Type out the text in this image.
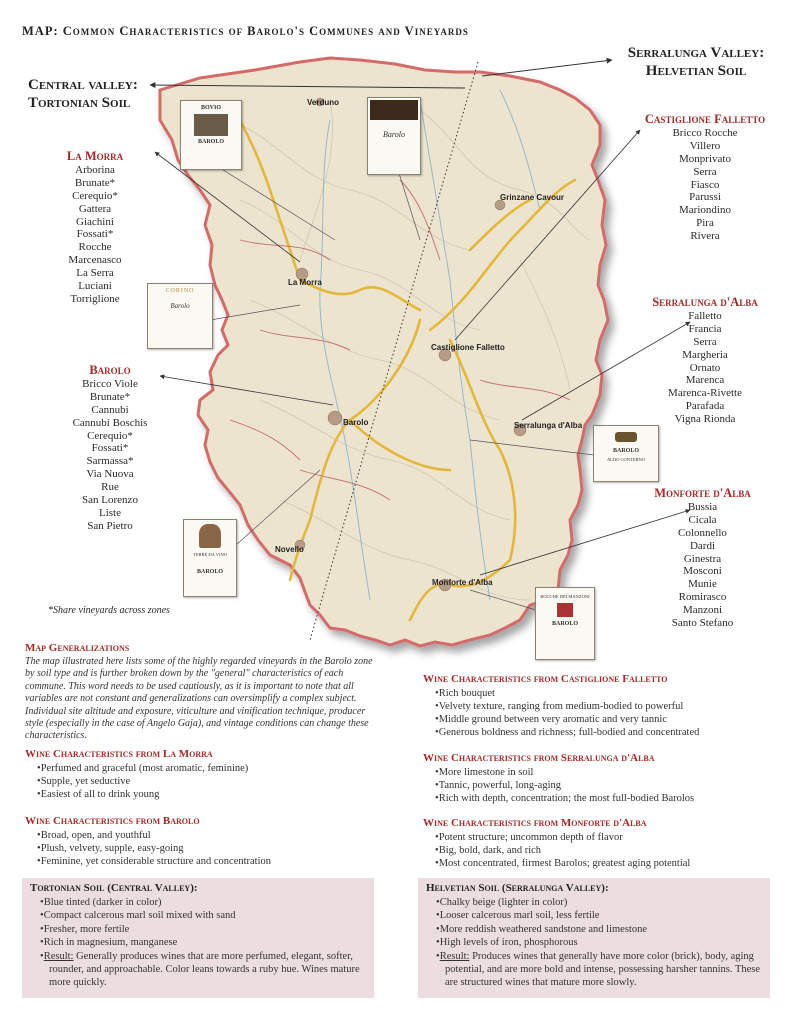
MAP: Common Characteristics of Barolo's Communes and Vineyards
Verduno
La Morra
Barolo
Castiglione Falletto
Serralunga d'Alba
Monforte d'Alba
Novello
Grinzane Cavour
BOVIO
BAROLO
Barolo
CORINO
Barolo
BAROLO
ALDO CONTERNO
TERRE DA VINO
BAROLO
ROCCHE DEI MANZONI
BAROLO
Central valley:
Tortonian Soil
Serralunga Valley:
Helvetian Soil
La Morra
Arborina
Brunate*
Cerequio*
Gattera
Giachini
Fossati*
Rocche
Marcenasco
La Serra
Luciani
Torriglione
Barolo
Bricco Viole
Brunate*
Cannubi
Cannubi Boschis
Cerequio*
Fossati*
Sarmassa*
Via Nuova
Rue
San Lorenzo
Liste
San Pietro
Castiglione Falletto
Bricco Rocche
Villero
Monprivato
Serra
Fiasco
Parussi
Mariondino
Pira
Rivera
Serralunga d'Alba
Falletto
Francia
Serra
Margheria
Ornato
Marenca
Marenca-Rivette
Parafada
Vigna Rionda
Monforte d'Alba
Bussia
Cicala
Colonnello
Dardi
Ginestra
Mosconi
Munie
Romirasco
Manzoni
Santo Stefano
*Share vineyards across zones
Map Generalizations
The map illustrated here lists some of the highly regarded vineyards in the Barolo zone by soil type and is further broken down by the "general" characteristics of each commune. This word needs to be used cautiously, as it is important to note that all variables are not constant and generalizations can oversimplify a complex subject. Individual site altitude and exposure, viticulture and vinification technique, producer style (especially in the case of Angelo Gaja), and vintage conditions can change these characteristics.
Wine Characteristics from La Morra
• Perfumed and graceful (most aromatic, feminine)
• Supple, yet seductive
• Easiest of all to drink young
Wine Characteristics from Barolo
• Broad, open, and youthful
• Plush, velvety, supple, easy-going
• Feminine, yet considerable structure and concentration
Wine Characteristics from Castiglione Falletto
• Rich bouquet
• Velvety texture, ranging from medium-bodied to powerful
• Middle ground between very aromatic and very tannic
• Generous boldness and richness; full-bodied and concentrated
Wine Characteristics from Serralunga d'Alba
• More limestone in soil
• Tannic, powerful, long-aging
• Rich with depth, concentration; the most full-bodied Barolos
Wine Characteristics from Monforte d'Alba
• Potent structure; uncommon depth of flavor
• Big, bold, dark, and rich
• Most concentrated, firmest Barolos; greatest aging potential
Tortonian Soil (Central Valley):
• Blue tinted (darker in color)
• Compact calcerous marl soil mixed with sand
• Fresher, more fertile
• Rich in magnesium, manganese
• Result: Generally produces wines that are more perfumed, elegant, softer, rounder, and approachable. Color leans towards a ruby hue. Wines mature more quickly.
Helvetian Soil (Serralunga Valley):
• Chalky beige (lighter in color)
• Looser calcerous marl soil, less fertile
• More reddish weathered sandstone and limestone
• High levels of iron, phosphorous
• Result: Produces wines that generally have more color (brick), body, aging potential, and are more bold and intense, possessing harsher tannins. These are structured wines that mature more slowly.
